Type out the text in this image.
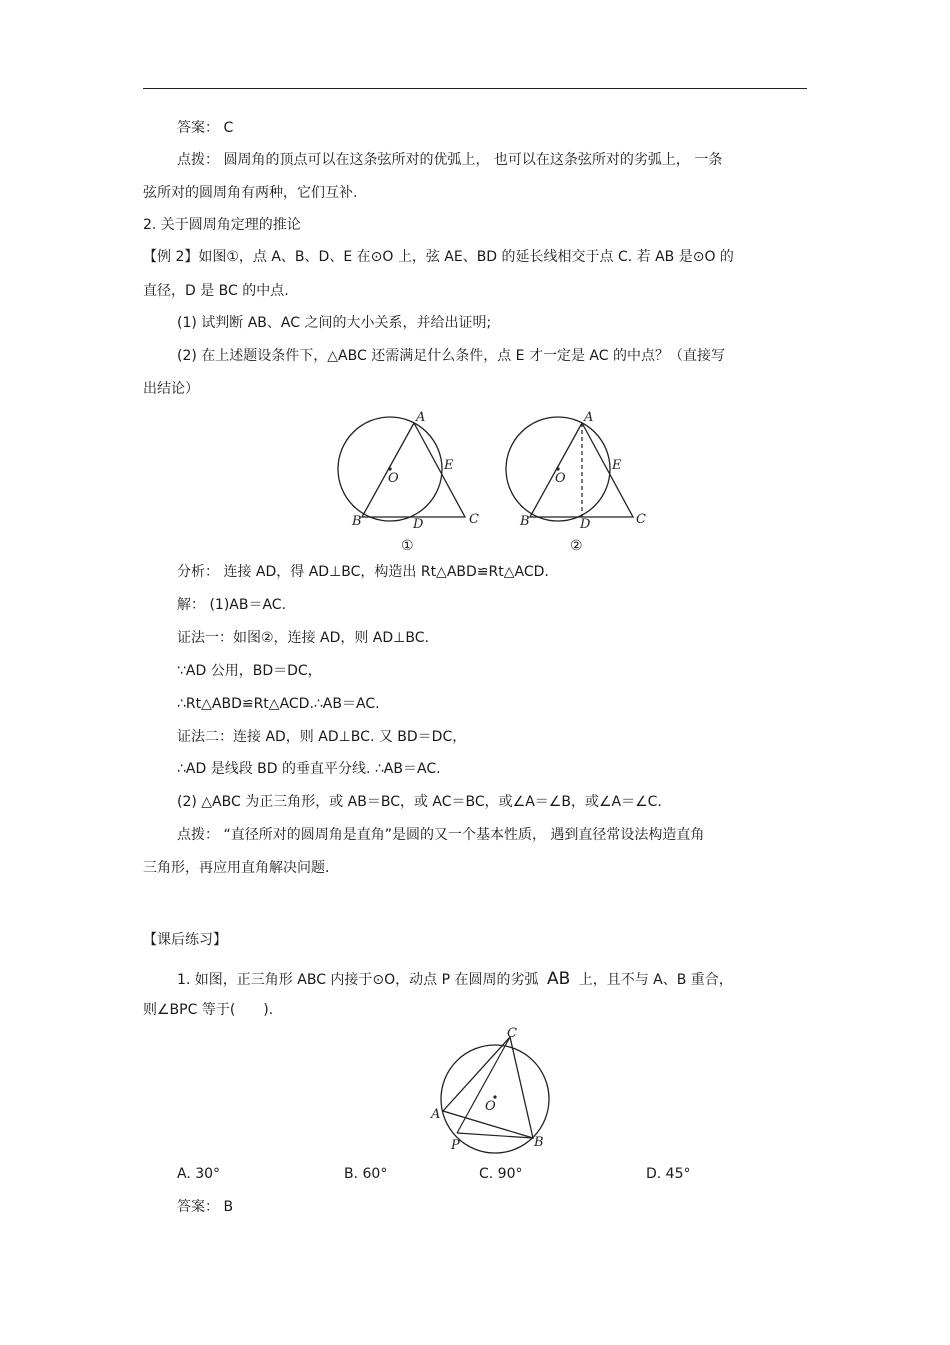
答案： C
点拨： 圆周角的顶点可以在这条弦所对的优弧上， 也可以在这条弦所对的劣弧上， 一条
弦所对的圆周角有两种，它们互补.
2. 关于圆周角定理的推论
【例 2】如图①，点 A、B、D、E 在⊙O 上，弦 AE、BD 的延长线相交于点 C. 若 AB 是⊙O 的
直径，D 是 BC 的中点.
(1) 试判断 AB、AC 之间的大小关系，并给出证明;
(2) 在上述题设条件下，△ABC 还需满足什么条件，点 E 才一定是 AC 的中点？（直接写
出结论）
A
O
E
B	D	C
①
A
O
E
B	D	C
②
分析： 连接 AD，得 AD⊥BC，构造出 Rt△ABD≌Rt△ACD.
解： (1)AB＝AC.
证法一：如图②，连接 AD，则 AD⊥BC.
∵AD 公用，BD＝DC，
∴Rt△ABD≌Rt△ACD.∴AB＝AC.
证法二：连接 AD，则 AD⊥BC. 又 BD＝DC，
∴AD 是线段 BD 的垂直平分线. ∴AB＝AC.
(2) △ABC 为正三角形，或 AB＝BC，或 AC＝BC，或∠A＝∠B，或∠A＝∠C.
点拨： “直径所对的圆周角是直角”是圆的又一个基本性质， 遇到直径常设法构造直角
三角形，再应用直角解决问题.
【课后练习】
1. 如图，正三角形 ABC 内接于⊙O，动点 P 在圆周的劣弧 AB 上，且不与 A、B 重合，
则∠BPC 等于(　　).
C
O
A
P	B
A. 30°	B. 60°	C. 90°	D. 45°
答案： B
